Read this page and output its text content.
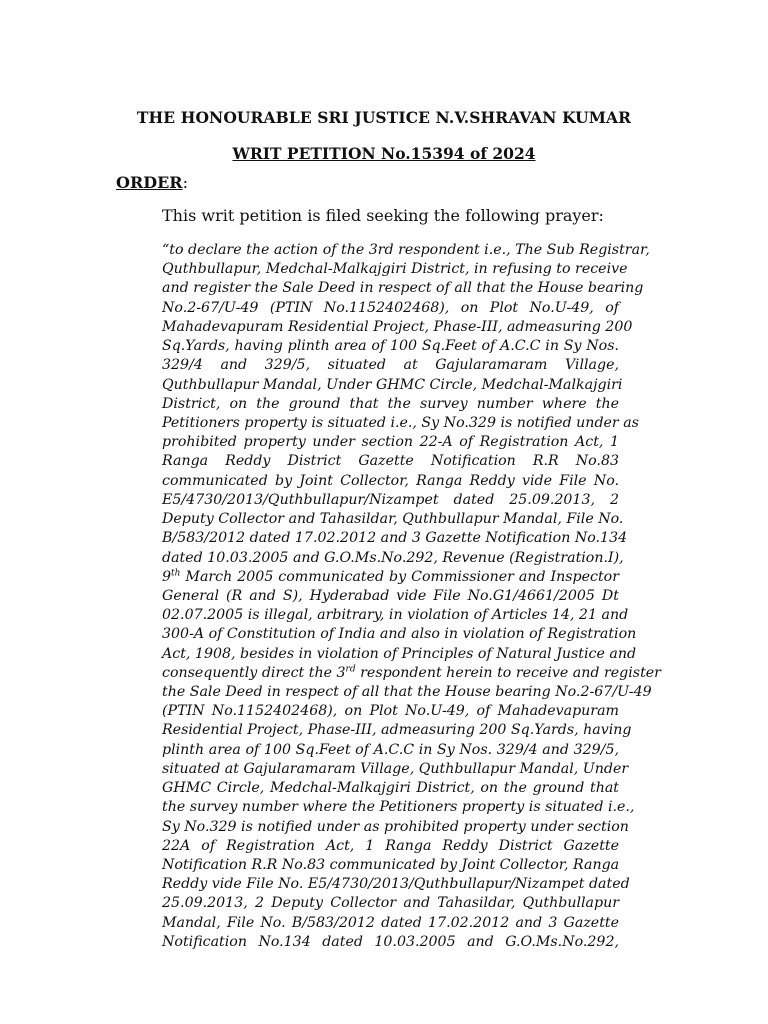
THE HONOURABLE SRI JUSTICE N.V.SHRAVAN KUMAR
WRIT PETITION No.15394 of 2024
ORDER:
This writ petition is filed seeking the following prayer:
“to declare the action of the 3rd respondent i.e., The Sub Registrar,
Quthbullapur, Medchal-Malkajgiri District, in refusing to receive
and register the Sale Deed in respect of all that the House bearing
No.2-67/U-49 (PTIN No.1152402468), on Plot No.U-49, of
Mahadevapuram Residential Project, Phase-III, admeasuring 200
Sq.Yards, having plinth area of 100 Sq.Feet of A.C.C in Sy Nos.
329/4 and 329/5, situated at Gajularamaram Village,
Quthbullapur Mandal, Under GHMC Circle, Medchal-Malkajgiri
District, on the ground that the survey number where the
Petitioners property is situated i.e., Sy No.329 is notified under as
prohibited property under section 22-A of Registration Act, 1
Ranga Reddy District Gazette Notification R.R No.83
communicated by Joint Collector, Ranga Reddy vide File No.
E5/4730/2013/Quthbullapur/Nizampet dated 25.09.2013, 2
Deputy Collector and Tahasildar, Quthbullapur Mandal, File No.
B/583/2012 dated 17.02.2012 and 3 Gazette Notification No.134
dated 10.03.2005 and G.O.Ms.No.292, Revenue (Registration.I),
9th March 2005 communicated by Commissioner and Inspector
General (R and S), Hyderabad vide File No.G1/4661/2005 Dt
02.07.2005 is illegal, arbitrary, in violation of Articles 14, 21 and
300-A of Constitution of India and also in violation of Registration
Act, 1908, besides in violation of Principles of Natural Justice and
consequently direct the 3rd respondent herein to receive and register
the Sale Deed in respect of all that the House bearing No.2-67/U-49
(PTIN No.1152402468), on Plot No.U-49, of Mahadevapuram
Residential Project, Phase-III, admeasuring 200 Sq.Yards, having
plinth area of 100 Sq.Feet of A.C.C in Sy Nos. 329/4 and 329/5,
situated at Gajularamaram Village, Quthbullapur Mandal, Under
GHMC Circle, Medchal-Malkajgiri District, on the ground that
the survey number where the Petitioners property is situated i.e.,
Sy No.329 is notified under as prohibited property under section
22A of Registration Act, 1 Ranga Reddy District Gazette
Notification R.R No.83 communicated by Joint Collector, Ranga
Reddy vide File No. E5/4730/2013/Quthbullapur/Nizampet dated
25.09.2013, 2 Deputy Collector and Tahasildar, Quthbullapur
Mandal, File No. B/583/2012 dated 17.02.2012 and 3 Gazette
Notification No.134 dated 10.03.2005 and G.O.Ms.No.292,
